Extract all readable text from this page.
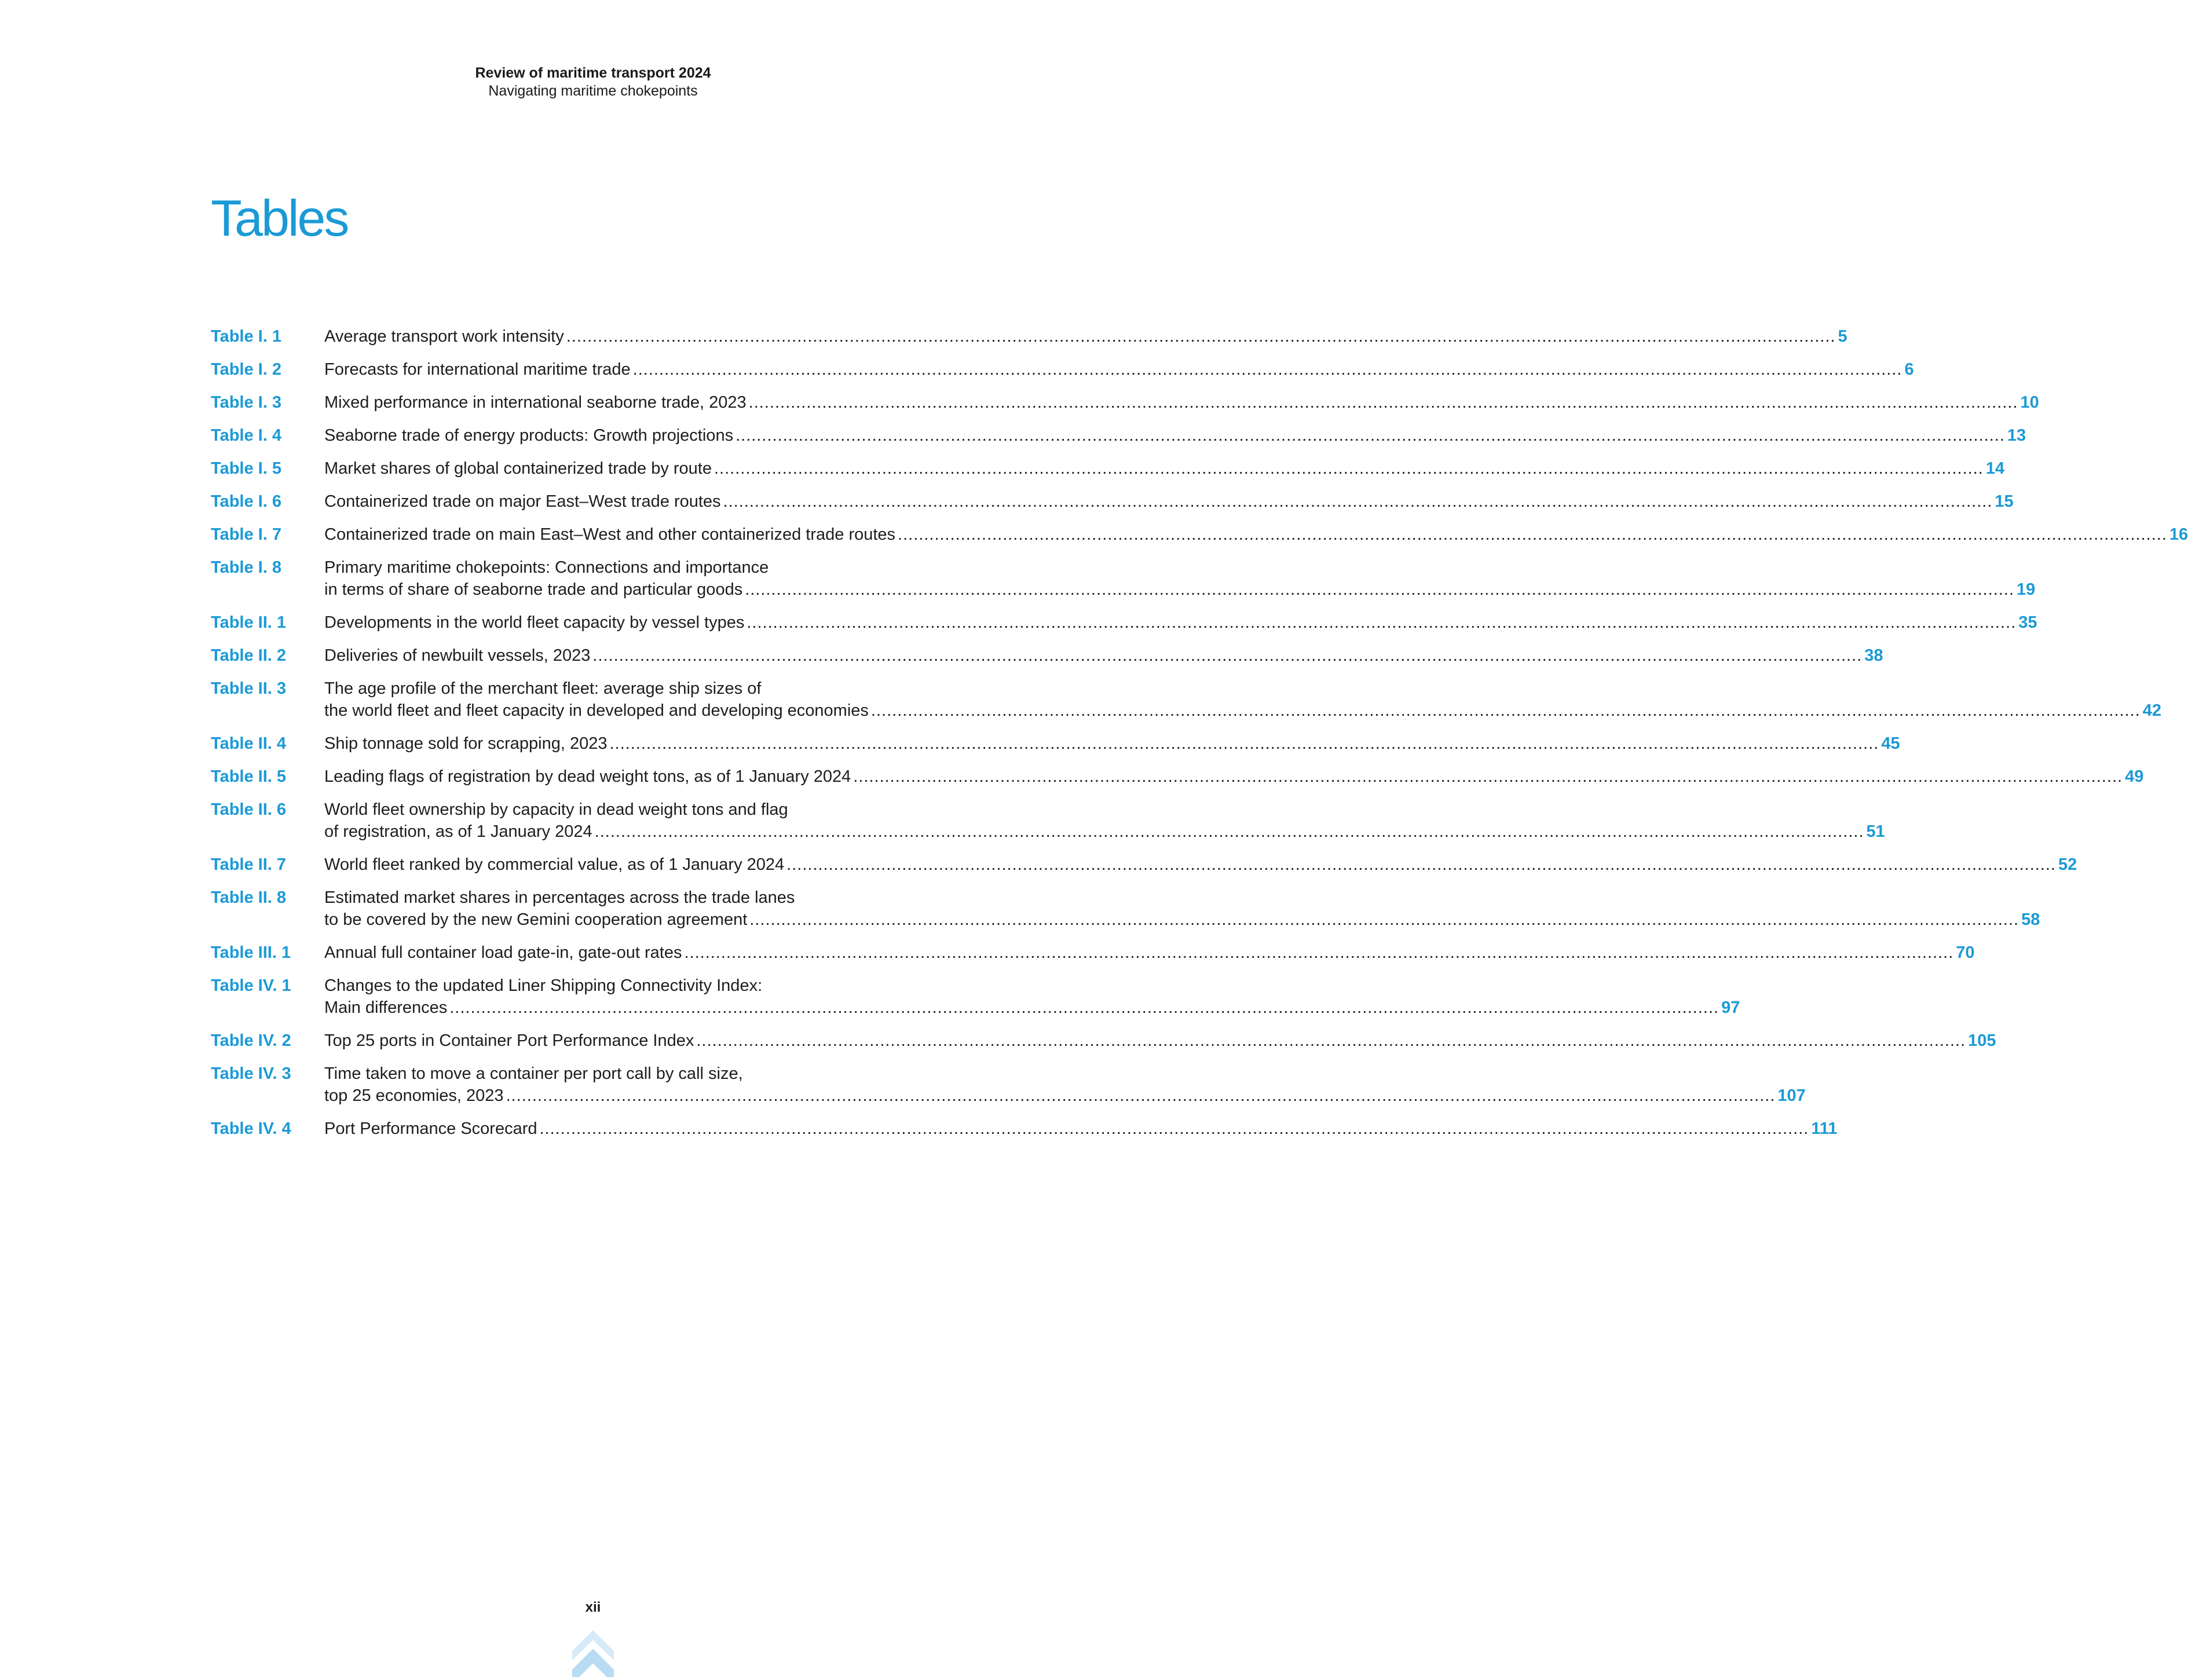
Review of maritime transport 2024
Navigating maritime chokepoints
Tables
Table I. 1	Average transport work intensity .....	5
Table I. 2	Forecasts for international maritime trade .....	6
Table I. 3	Mixed performance in international seaborne trade, 2023 .....	10
Table I. 4	Seaborne trade of energy products: Growth projections .....	13
Table I. 5	Market shares of global containerized trade by route .....	14
Table I. 6	Containerized trade on major East–West trade routes .....	15
Table I. 7	Containerized trade on main East–West and other containerized trade routes .....	16
Table I. 8	Primary maritime chokepoints: Connections and importance
in terms of share of seaborne trade and particular goods .....	19
Table II. 1	Developments in the world fleet capacity by vessel types .....	35
Table II. 2	Deliveries of newbuilt vessels, 2023 .....	38
Table II. 3	The age profile of the merchant fleet: average ship sizes of
the world fleet and fleet capacity in developed and developing economies .....	42
Table II. 4	Ship tonnage sold for scrapping, 2023 .....	45
Table II. 5	Leading flags of registration by dead weight tons, as of 1 January 2024 .....	49
Table II. 6	World fleet ownership by capacity in dead weight tons and flag
of registration, as of 1 January 2024 .....	51
Table II. 7	World fleet ranked by commercial value, as of 1 January 2024 .....	52
Table II. 8	Estimated market shares in percentages across the trade lanes
to be covered by the new Gemini cooperation agreement .....	58
Table III. 1	Annual full container load gate-in, gate-out rates .....	70
Table IV. 1	Changes to the updated Liner Shipping Connectivity Index:
Main differences .....	97
Table IV. 2	Top 25 ports in Container Port Performance Index .....	105
Table IV. 3	Time taken to move a container per port call by call size,
top 25 economies, 2023 .....	107
Table IV. 4	Port Performance Scorecard .....	111
xii
